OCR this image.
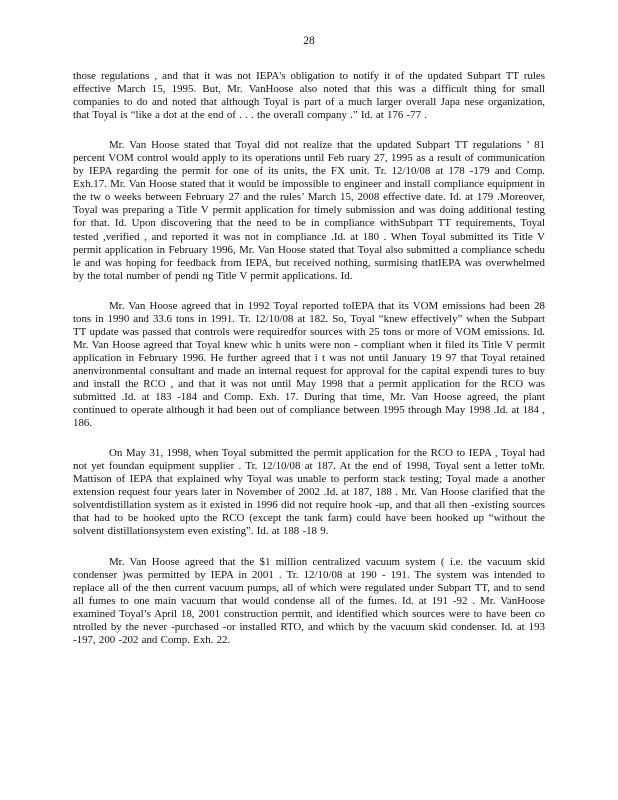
28

those regulations , and that it was not IEPA's obligation to notify it of the updated Subpart TT rules effective March 15, 1995. But, Mr. VanHoose also noted that this was a difficult thing for small companies to do and noted that although Toyal is part of a much larger overall Japa nese organization, that Toyal is “like a dot at the end of . . . the overall company .” Id. at 176 -77 .

Mr. Van Hoose stated that Toyal did not realize that the updated Subpart TT regulations ’ 81 percent VOM control would apply to its operations until Feb ruary 27, 1995 as a result of communication by IEPA regarding the permit for one of its units, the FX unit. Tr. 12/10/08 at 178 -179 and Comp. Exh.17. Mr. Van Hoose stated that it would be impossible to engineer and install compliance equipment in the tw o weeks between February 27 and the rules’ March 15, 2008 effective date. Id. at 179 .Moreover, Toyal was preparing a Title V permit application for timely submission and was doing additional testing for that. Id. Upon discovering that the need to be in compliance withSubpart TT requirements, Toyal tested ,verified , and reported it was not in compliance .Id. at 180 . When Toyal submitted its Title V permit application in February 1996, Mr. Van Hoose stated that Toyal also submitted a compliance schedu le and was hoping for feedback from IEPA, but received nothing, surmising thatIEPA was overwhelmed by the total number of pendi ng Title V permit applications. Id.

Mr. Van Hoose agreed that in 1992 Toyal reported toIEPA that its VOM emissions had been 28 tons in 1990 and 33.6 tons in 1991. Tr. 12/10/08 at 182. So, Toyal “knew effectively” when the Subpart TT update was passed that controls were requiredfor sources with 25 tons or more of VOM emissions. Id. Mr. Van Hoose agreed that Toyal knew whic h units were non - compliant when it filed its Title V permit application in February 1996. He further agreed that i t was not until January 19 97 that Toyal retained anenvironmental consultant and made an internal request for approval for the capital expendi tures to buy and install the RCO , and that it was not until May 1998 that a permit application for the RCO was submitted .Id. at 183 -184 and Comp. Exh. 17. During that time, Mr. Van Hoose agreed, the plant continued to operate although it had been out of compliance between 1995 through May 1998 .Id. at 184 , 186.

On May 31, 1998, when Toyal submitted the permit application for the RCO to IEPA , Toyal had not yet foundan equipment supplier . Tr. 12/10/08 at 187. At the end of 1998, Toyal sent a letter toMr. Mattison of IEPA that explained why Toyal was unable to perform stack testing; Toyal made a another extension request four years later in November of 2002 .Id. at 187, 188 . Mr. Van Hoose clarified that the solventdistillation system as it existed in 1996 did not require hook -up, and that all then -existing sources that had to be hooked upto the RCO (except the tank farm) could have been hooked up “without the solvent distillationsystem even existing”. Id. at 188 -18 9.

Mr. Van Hoose agreed that the $1 million centralized vacuum system ( i.e. the vacuum skid condenser )was permitted by IEPA in 2001 . Tr. 12/10/08 at 190 - 191. The system was intended to replace all of the then current vacuum pumps, all of which were regulated under Subpart TT, and to send all fumes to one main vacuum that would condense all of the fumes. Id. at 191 -92 . Mr. VanHoose examined Toyal’s April 18, 2001 construction permit, and identified which sources were to have been co ntrolled by the never -purchased -or installed RTO, and which by the vacuum skid condenser. Id. at 193 -197, 200 -202 and Comp. Exh. 22.
